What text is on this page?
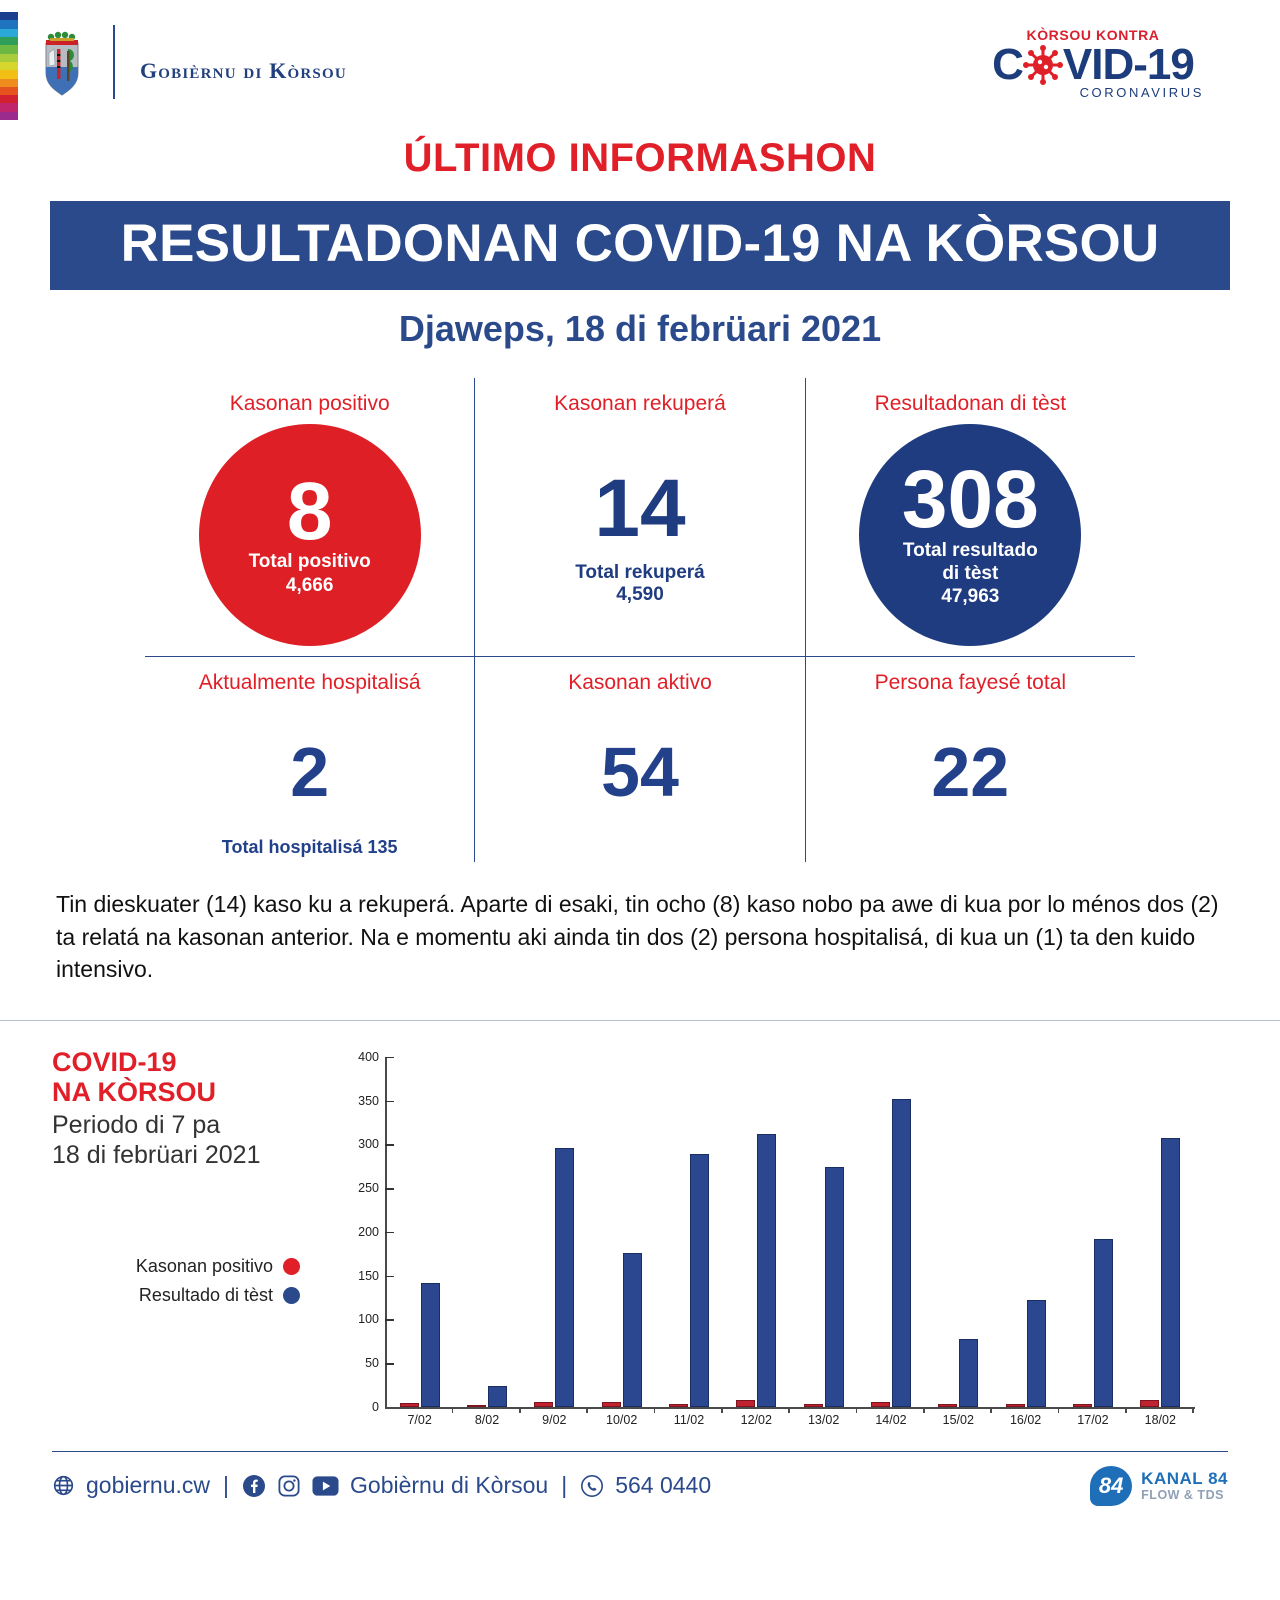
Gobièrnu di Kòrsou
KÒRSOU KONTRA
C VID-19
CORONAVIRUS
ÚLTIMO INFORMASHON
RESULTADONAN COVID-19 NA KÒRSOU
Djaweps, 18 di febrüari 2021
Kasonan positivo
8
Total positivo
4,666
Kasonan rekuperá
14
Total rekuperá
4,590
Resultadonan di tèst
308
Total resultado
di tèst
47,963
Aktualmente hospitalisá
2
Total hospitalisá 135
Kasonan aktivo
54
Persona fayesé total
22
Tin dieskuater (14) kaso ku a rekuperá. Aparte di esaki, tin ocho (8) kaso nobo pa awe di kua por lo ménos dos (2) ta relatá na kasonan anterior. Na e momentu aki ainda tin dos (2) persona hospitalisá, di kua un (1) ta den kuido intensivo.
COVID-19
NA KÒRSOU
Periodo di 7 pa
18 di febrüari 2021
Kasonan positivo
Resultado di tèst
0
50
100
150
200
250
300
350
400
7/02	8/02	9/02	10/02	11/02	12/02	13/02	14/02	15/02	16/02	17/02	18/02
gobiernu.cw |	Gobièrnu di Kòrsou | 564 0440	84	KANAL 84
FLOW & TDS
